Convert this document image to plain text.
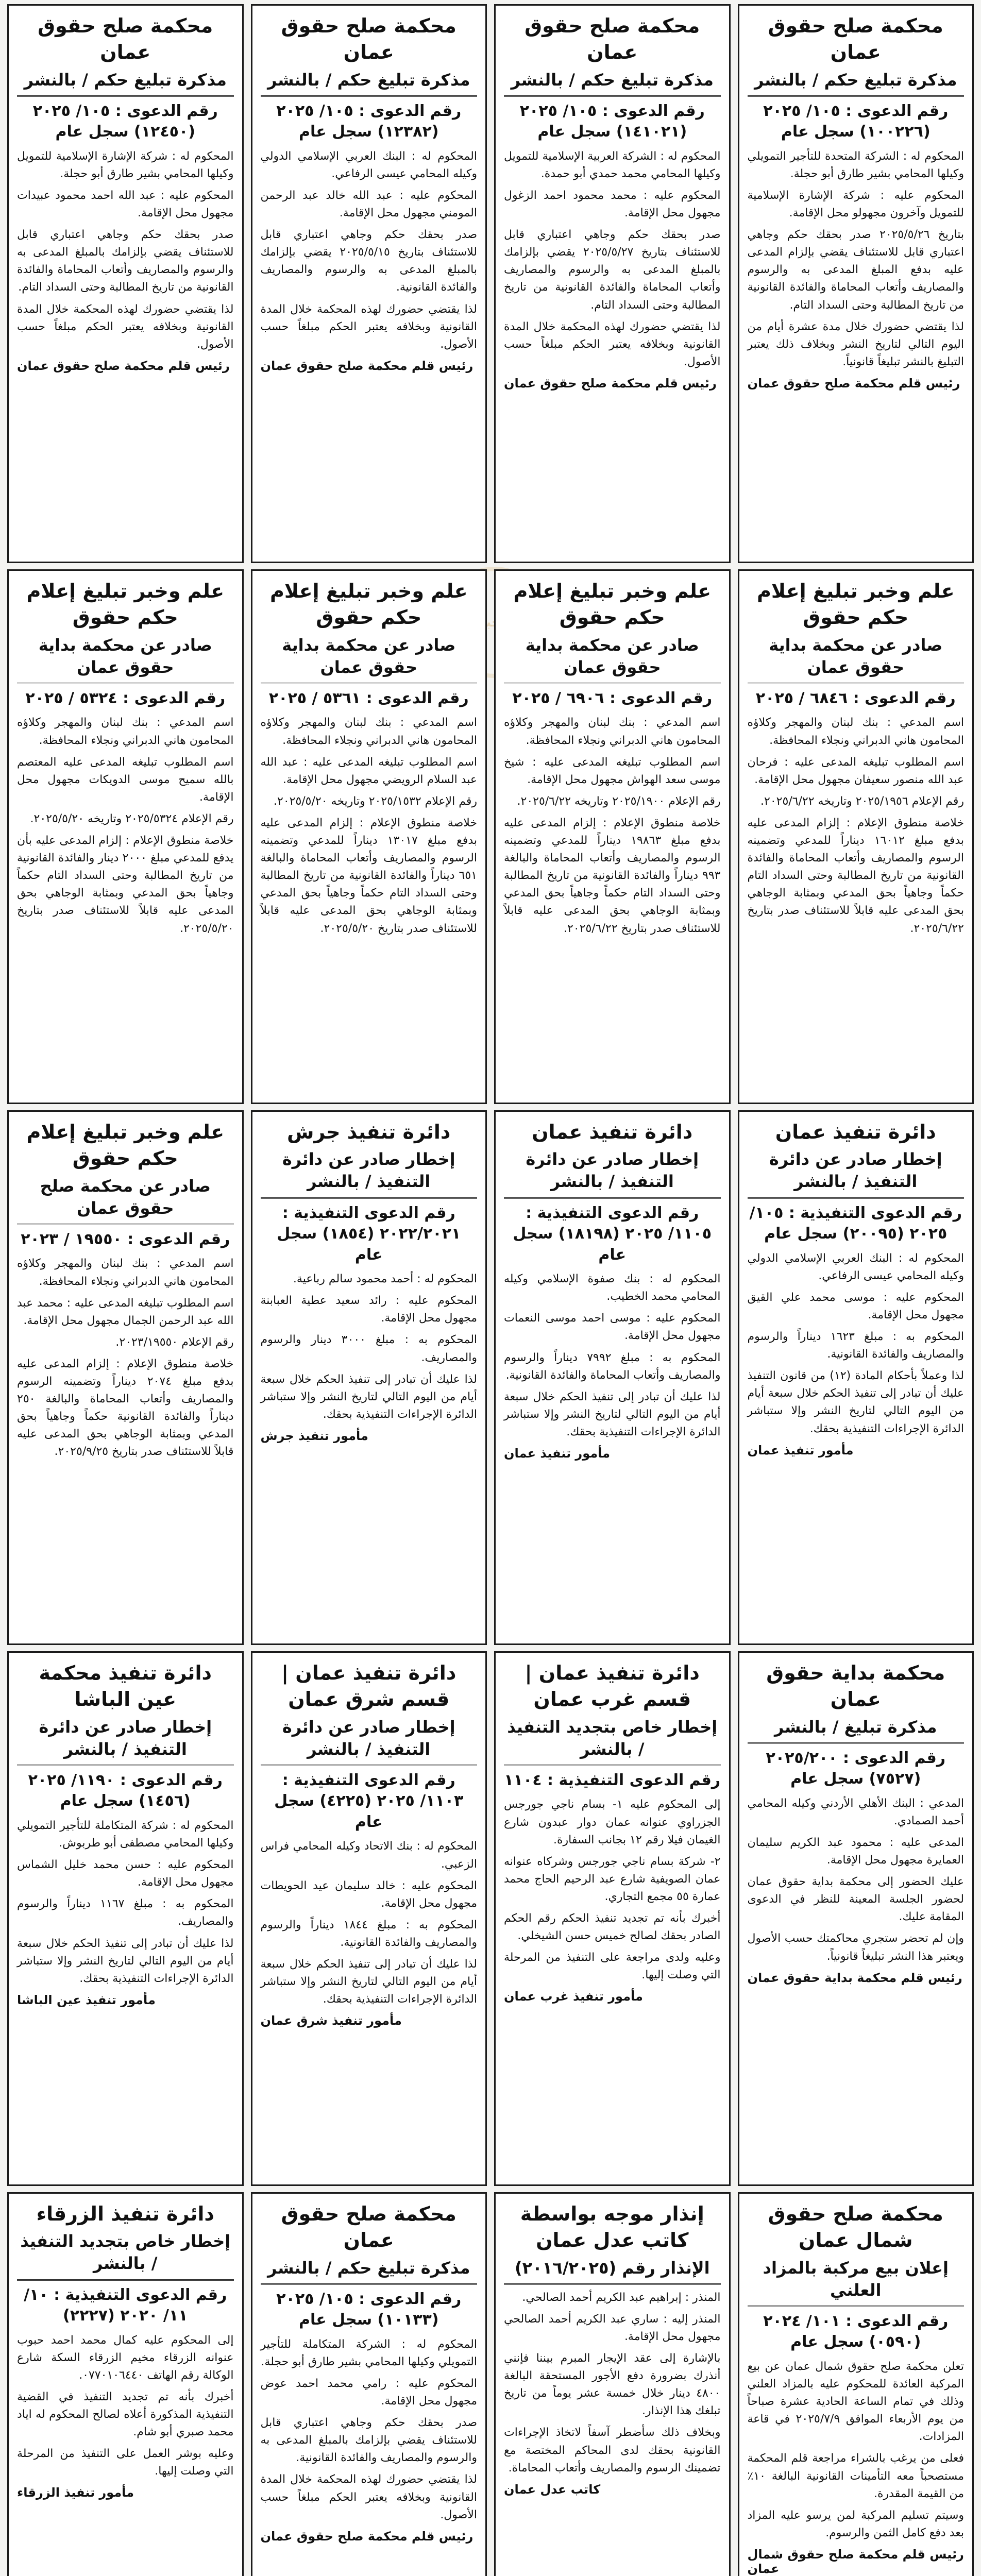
محكمة صلح حقوق عمان
مذكرة تبليغ حكم / بالنشر
رقم الدعوى : ١٠٥/ ٢٠٢٥ (١٠٠٢٢٦) سجل عام

المحكوم له : الشركة المتحدة للتأجير التمويلي وكيلها المحامي بشير طارق أبو حجلة.

المحكوم عليه : شركة الإشارة الإسلامية للتمويل وآخرون مجهولو محل الإقامة.

بتاريخ ٢٠٢٥/٥/٢٦ صدر بحقك حكم وجاهي اعتباري قابل للاستئناف يقضي بإلزام المدعى عليه بدفع المبلغ المدعى به والرسوم والمصاريف وأتعاب المحاماة والفائدة القانونية من تاريخ المطالبة وحتى السداد التام.

لذا يقتضي حضورك خلال مدة عشرة أيام من اليوم التالي لتاريخ النشر وبخلاف ذلك يعتبر التبليغ بالنشر تبليغاً قانونياً.

رئيس قلم محكمة صلح حقوق عمان
محكمة صلح حقوق عمان
مذكرة تبليغ حكم / بالنشر
رقم الدعوى : ١٠٥/ ٢٠٢٥ (١٤١٠٢١) سجل عام

المحكوم له : الشركة العربية الإسلامية للتمويل وكيلها المحامي محمد حمدي أبو حمدة.

المحكوم عليه : محمد محمود احمد الزغول مجهول محل الإقامة.

صدر بحقك حكم وجاهي اعتباري قابل للاستئناف بتاريخ ٢٠٢٥/٥/٢٧ يقضي بإلزامك بالمبلغ المدعى به والرسوم والمصاريف وأتعاب المحاماة والفائدة القانونية من تاريخ المطالبة وحتى السداد التام.

لذا يقتضي حضورك لهذه المحكمة خلال المدة القانونية وبخلافه يعتبر الحكم مبلغاً حسب الأصول.

رئيس قلم محكمة صلح حقوق عمان
محكمة صلح حقوق عمان
مذكرة تبليغ حكم / بالنشر
رقم الدعوى : ١٠٥/ ٢٠٢٥ (١٢٣٨٢) سجل عام

المحكوم له : البنك العربي الإسلامي الدولي وكيله المحامي عيسى الرفاعي.

المحكوم عليه : عبد الله خالد عبد الرحمن المومني مجهول محل الإقامة.

صدر بحقك حكم وجاهي اعتباري قابل للاستئناف بتاريخ ٢٠٢٥/٥/١٥ يقضي بإلزامك بالمبلغ المدعى به والرسوم والمصاريف والفائدة القانونية.

لذا يقتضي حضورك لهذه المحكمة خلال المدة القانونية وبخلافه يعتبر الحكم مبلغاً حسب الأصول.

رئيس قلم محكمة صلح حقوق عمان
محكمة صلح حقوق عمان
مذكرة تبليغ حكم / بالنشر
رقم الدعوى : ١٠٥/ ٢٠٢٥ (١٢٤٥٠) سجل عام

المحكوم له : شركة الإشارة الإسلامية للتمويل وكيلها المحامي بشير طارق أبو حجلة.

المحكوم عليه : عبد الله احمد محمود عبيدات مجهول محل الإقامة.

صدر بحقك حكم وجاهي اعتباري قابل للاستئناف يقضي بإلزامك بالمبلغ المدعى به والرسوم والمصاريف وأتعاب المحاماة والفائدة القانونية من تاريخ المطالبة وحتى السداد التام.

لذا يقتضي حضورك لهذه المحكمة خلال المدة القانونية وبخلافه يعتبر الحكم مبلغاً حسب الأصول.

رئيس قلم محكمة صلح حقوق عمان
علم وخبر تبليغ إعلام حكم حقوق
صادر عن محكمة بداية حقوق عمان
رقم الدعوى : ٦٨٤٦ / ٢٠٢٥

اسم المدعي : بنك لبنان والمهجر وكلاؤه المحامون هاني الدبراني ونجلاء المحافظة.

اسم المطلوب تبليغه المدعى عليه : فرحان عبد الله منصور سعيفان مجهول محل الإقامة.

رقم الإعلام ٢٠٢٥/١٩٥٦ وتاريخه ٢٠٢٥/٦/٢٢.

خلاصة منطوق الإعلام : إلزام المدعى عليه بدفع مبلغ ١٦٠١٢ ديناراً للمدعي وتضمينه الرسوم والمصاريف وأتعاب المحاماة والفائدة القانونية من تاريخ المطالبة وحتى السداد التام حكماً وجاهياً بحق المدعي وبمثابة الوجاهي بحق المدعى عليه قابلاً للاستئناف صدر بتاريخ ٢٠٢٥/٦/٢٢.

علم وخبر تبليغ إعلام حكم حقوق
صادر عن محكمة بداية حقوق عمان
رقم الدعوى : ٦٩٠٦ / ٢٠٢٥

اسم المدعي : بنك لبنان والمهجر وكلاؤه المحامون هاني الدبراني ونجلاء المحافظة.

اسم المطلوب تبليغه المدعى عليه : شيخ موسى سعد الهواش مجهول محل الإقامة.

رقم الإعلام ٢٠٢٥/١٩٠٠ وتاريخه ٢٠٢٥/٦/٢٢.

خلاصة منطوق الإعلام : إلزام المدعى عليه بدفع مبلغ ١٩٨٦٣ ديناراً للمدعي وتضمينه الرسوم والمصاريف وأتعاب المحاماة والبالغة ٩٩٣ ديناراً والفائدة القانونية من تاريخ المطالبة وحتى السداد التام حكماً وجاهياً بحق المدعي وبمثابة الوجاهي بحق المدعى عليه قابلاً للاستئناف صدر بتاريخ ٢٠٢٥/٦/٢٢.

علم وخبر تبليغ إعلام حكم حقوق
صادر عن محكمة بداية حقوق عمان
رقم الدعوى : ٥٣٦١ / ٢٠٢٥

اسم المدعي : بنك لبنان والمهجر وكلاؤه المحامون هاني الدبراني ونجلاء المحافظة.

اسم المطلوب تبليغه المدعى عليه : عبد الله عبد السلام الرويضي مجهول محل الإقامة.

رقم الإعلام ٢٠٢٥/١٥٣٢ وتاريخه ٢٠٢٥/٥/٢٠.

خلاصة منطوق الإعلام : إلزام المدعى عليه بدفع مبلغ ١٣٠١٧ ديناراً للمدعي وتضمينه الرسوم والمصاريف وأتعاب المحاماة والبالغة ٦٥١ ديناراً والفائدة القانونية من تاريخ المطالبة وحتى السداد التام حكماً وجاهياً بحق المدعي وبمثابة الوجاهي بحق المدعى عليه قابلاً للاستئناف صدر بتاريخ ٢٠٢٥/٥/٢٠.

علم وخبر تبليغ إعلام حكم حقوق
صادر عن محكمة بداية حقوق عمان
رقم الدعوى : ٥٣٢٤ / ٢٠٢٥

اسم المدعي : بنك لبنان والمهجر وكلاؤه المحامون هاني الدبراني ونجلاء المحافظة.

اسم المطلوب تبليغه المدعى عليه المعتصم بالله سميح موسى الدويكات مجهول محل الإقامة.

رقم الإعلام ٢٠٢٥/٥٣٢٤ وتاريخه ٢٠٢٥/٥/٢٠.

خلاصة منطوق الإعلام : إلزام المدعى عليه بأن يدفع للمدعي مبلغ ٢٠٠٠ دينار والفائدة القانونية من تاريخ المطالبة وحتى السداد التام حكماً وجاهياً بحق المدعي وبمثابة الوجاهي بحق المدعى عليه قابلاً للاستئناف صدر بتاريخ ٢٠٢٥/٥/٢٠.

دائرة تنفيذ عمان
إخطار صادر عن دائرة التنفيذ / بالنشر
رقم الدعوى التنفيذية : ١٠٥/ ٢٠٢٥ (٢٠٠٩٥) سجل عام

المحكوم له : البنك العربي الإسلامي الدولي وكيله المحامي عيسى الرفاعي.

المحكوم عليه : موسى محمد علي القيق مجهول محل الإقامة.

المحكوم به : مبلغ ١٦٢٣ ديناراً والرسوم والمصاريف والفائدة القانونية.

لذا وعملاً بأحكام المادة (١٢) من قانون التنفيذ عليك أن تبادر إلى تنفيذ الحكم خلال سبعة أيام من اليوم التالي لتاريخ النشر وإلا ستباشر الدائرة الإجراءات التنفيذية بحقك.

مأمور تنفيذ عمان
دائرة تنفيذ عمان
إخطار صادر عن دائرة التنفيذ / بالنشر
رقم الدعوى التنفيذية : ١١٠٥/ ٢٠٢٥ (١٨١٩٨) سجل عام

المحكوم له : بنك صفوة الإسلامي وكيله المحامي محمد الخطيب.

المحكوم عليه : موسى احمد موسى النعمات مجهول محل الإقامة.

المحكوم به : مبلغ ٧٩٩٢ ديناراً والرسوم والمصاريف وأتعاب المحاماة والفائدة القانونية.

لذا عليك أن تبادر إلى تنفيذ الحكم خلال سبعة أيام من اليوم التالي لتاريخ النشر وإلا ستباشر الدائرة الإجراءات التنفيذية بحقك.

مأمور تنفيذ عمان
دائرة تنفيذ جرش
إخطار صادر عن دائرة التنفيذ / بالنشر
رقم الدعوى التنفيذية : ٢٠٢٢/٢٠٢١ (١٨٥٤) سجل عام

المحكوم له : أحمد محمود سالم رباعية.

المحكوم عليه : رائد سعيد عطية العبابنة مجهول محل الإقامة.

المحكوم به : مبلغ ٣٠٠٠ دينار والرسوم والمصاريف.

لذا عليك أن تبادر إلى تنفيذ الحكم خلال سبعة أيام من اليوم التالي لتاريخ النشر وإلا ستباشر الدائرة الإجراءات التنفيذية بحقك.

مأمور تنفيذ جرش
علم وخبر تبليغ إعلام حكم حقوق
صادر عن محكمة صلح حقوق عمان
رقم الدعوى : ١٩٥٥٠ / ٢٠٢٣

اسم المدعي : بنك لبنان والمهجر وكلاؤه المحامون هاني الدبراني ونجلاء المحافظة.

اسم المطلوب تبليغه المدعى عليه : محمد عبد الله عبد الرحمن الجمال مجهول محل الإقامة.

رقم الإعلام ٢٠٢٣/١٩٥٥٠.

خلاصة منطوق الإعلام : إلزام المدعى عليه بدفع مبلغ ٢٠٧٤ ديناراً وتضمينه الرسوم والمصاريف وأتعاب المحاماة والبالغة ٢٥٠ ديناراً والفائدة القانونية حكماً وجاهياً بحق المدعي وبمثابة الوجاهي بحق المدعى عليه قابلاً للاستئناف صدر بتاريخ ٢٠٢٥/٩/٢٥.

محكمة بداية حقوق عمان
مذكرة تبليغ / بالنشر
رقم الدعوى : ٢٠٢٥/٢٠٠ (٧٥٢٧) سجل عام

المدعي : البنك الأهلي الأردني وكيله المحامي أحمد الصمادي.

المدعى عليه : محمود عبد الكريم سليمان العمايرة مجهول محل الإقامة.

عليك الحضور إلى محكمة بداية حقوق عمان لحضور الجلسة المعينة للنظر في الدعوى المقامة عليك.

وإن لم تحضر ستجري محاكمتك حسب الأصول ويعتبر هذا النشر تبليغاً قانونياً.

رئيس قلم محكمة بداية حقوق عمان
دائرة تنفيذ عمان | قسم غرب عمان
إخطار خاص بتجديد التنفيذ / بالنشر
رقم الدعوى التنفيذية : ١١٠٤

إلى المحكوم عليه ١- بسام ناجي جورجس الجزراوي عنوانه عمان دوار عبدون شارع الغيمان فيلا رقم ١٢ بجانب السفارة.

٢- شركة بسام ناجي جورجس وشركاه عنوانه عمان الصويفية شارع عبد الرحيم الحاج محمد عمارة ٥٥ مجمع التجاري.

أخبرك بأنه تم تجديد تنفيذ الحكم رقم الحكم الصادر بحقك لصالح خميس حسن الشيخلي.

وعليه ولدى مراجعة على التنفيذ من المرحلة التي وصلت إليها.

مأمور تنفيذ غرب عمان
دائرة تنفيذ عمان | قسم شرق عمان
إخطار صادر عن دائرة التنفيذ / بالنشر
رقم الدعوى التنفيذية : ١١٠٣/ ٢٠٢٥ (٤٢٢٥) سجل عام

المحكوم له : بنك الاتحاد وكيله المحامي فراس الزعبي.

المحكوم عليه : خالد سليمان عيد الحويطات مجهول محل الإقامة.

المحكوم به : مبلغ ١٨٤٤ ديناراً والرسوم والمصاريف والفائدة القانونية.

لذا عليك أن تبادر إلى تنفيذ الحكم خلال سبعة أيام من اليوم التالي لتاريخ النشر وإلا ستباشر الدائرة الإجراءات التنفيذية بحقك.

مأمور تنفيذ شرق عمان
دائرة تنفيذ محكمة عين الباشا
إخطار صادر عن دائرة التنفيذ / بالنشر
رقم الدعوى : ١١٩٠/ ٢٠٢٥ (١٤٥٦) سجل عام

المحكوم له : شركة المتكاملة للتأجير التمويلي وكيلها المحامي مصطفى أبو طربوش.

المحكوم عليه : حسن محمد خليل الشماس مجهول محل الإقامة.

المحكوم به : مبلغ ١١٦٧ ديناراً والرسوم والمصاريف.

لذا عليك أن تبادر إلى تنفيذ الحكم خلال سبعة أيام من اليوم التالي لتاريخ النشر وإلا ستباشر الدائرة الإجراءات التنفيذية بحقك.

مأمور تنفيذ عين الباشا
محكمة صلح حقوق شمال عمان
إعلان بيع مركبة بالمزاد العلني
رقم الدعوى : ١٠١/ ٢٠٢٤ (٠٥٩٠) سجل عام

تعلن محكمة صلح حقوق شمال عمان عن بيع المركبة العائدة للمحكوم عليه بالمزاد العلني وذلك في تمام الساعة الحادية عشرة صباحاً من يوم الأربعاء الموافق ٢٠٢٥/٧/٩ في قاعة المزادات.

فعلى من يرغب بالشراء مراجعة قلم المحكمة مستصحباً معه التأمينات القانونية البالغة ١٠٪ من القيمة المقدرة.

وسيتم تسليم المركبة لمن يرسو عليه المزاد بعد دفع كامل الثمن والرسوم.

رئيس قلم محكمة صلح حقوق شمال عمان
إنذار موجه بواسطة كاتب عدل عمان
الإنذار رقم (٢٠١٦/٢٠٢٥)

المنذر : إبراهيم عبد الكريم أحمد الصالحي.

المنذر إليه : ساري عبد الكريم أحمد الصالحي مجهول محل الإقامة.

بالإشارة إلى عقد الإيجار المبرم بيننا فإنني أنذرك بضرورة دفع الأجور المستحقة البالغة ٤٨٠٠ دينار خلال خمسة عشر يوماً من تاريخ تبلغك هذا الإنذار.

وبخلاف ذلك سأضطر آسفاً لاتخاذ الإجراءات القانونية بحقك لدى المحاكم المختصة مع تضمينك الرسوم والمصاريف وأتعاب المحاماة.

كاتب عدل عمان
محكمة صلح حقوق عمان
مذكرة تبليغ حكم / بالنشر
رقم الدعوى : ١٠٥/ ٢٠٢٥ (١٠١٣٣) سجل عام

المحكوم له : الشركة المتكاملة للتأجير التمويلي وكيلها المحامي بشير طارق أبو حجلة.

المحكوم عليه : رامي محمد احمد عوض مجهول محل الإقامة.

صدر بحقك حكم وجاهي اعتباري قابل للاستئناف يقضي بإلزامك بالمبلغ المدعى به والرسوم والمصاريف والفائدة القانونية.

لذا يقتضي حضورك لهذه المحكمة خلال المدة القانونية وبخلافه يعتبر الحكم مبلغاً حسب الأصول.

رئيس قلم محكمة صلح حقوق عمان
دائرة تنفيذ الزرقاء
إخطار خاص بتجديد التنفيذ / بالنشر
رقم الدعوى التنفيذية : ١٠/ ١١/ ٢٠٢٠ (٢٢٢٧)

إلى المحكوم عليه كمال محمد احمد حبوب عنوانه الزرقاء مخيم الزرقاء السكة شارع الوكالة رقم الهاتف ٠٧٧٠١٠٦٤٤٠.

أخبرك بأنه تم تجديد التنفيذ في القضية التنفيذية المذكورة أعلاه لصالح المحكوم له اياد محمد صبري أبو شام.

وعليه بوشر العمل على التنفيذ من المرحلة التي وصلت إليها.

مأمور تنفيذ الزرقاء
